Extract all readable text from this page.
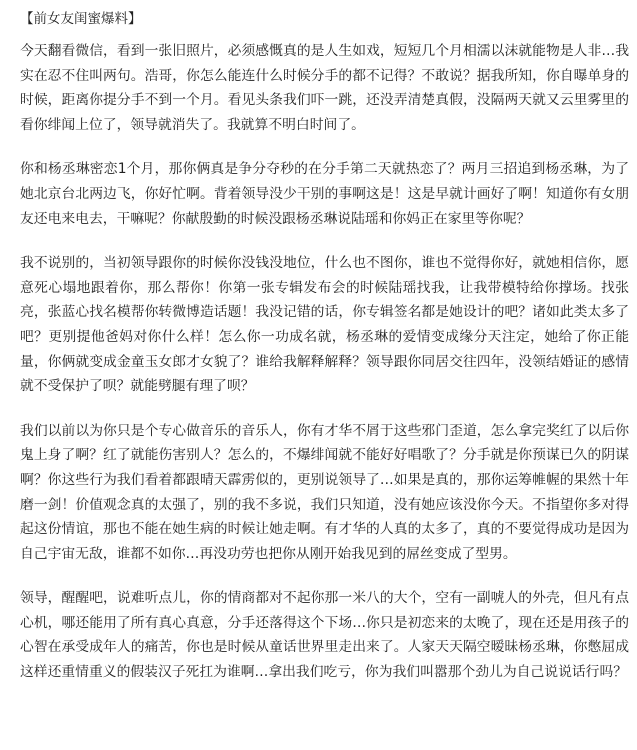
【前女友闺蜜爆料】

今天翻看微信，看到一张旧照片，必须感慨真的是人生如戏，短短几个月相濡以沫就能物是人非…我实在忍不住叫两句。浩哥，你怎么能连什么时候分手的都不记得？不敢说？据我所知，你自曝单身的时候，距离你提分手不到一个月。看见头条我们吓一跳，还没弄清楚真假，没隔两天就又云里雾里的看你绯闻上位了，领导就消失了。我就算不明白时间了。

你和杨丞琳密恋1个月，那你俩真是争分夺秒的在分手第二天就热恋了？两月三招追到杨丞琳，为了她北京台北两边飞，你好忙啊。背着领导没少干别的事啊这是！这是早就计画好了啊！知道你有女朋友还电来电去，干嘛呢？你献殷勤的时候没跟杨丞琳说陆瑶和你妈正在家里等你呢？

我不说别的，当初领导跟你的时候你没钱没地位，什么也不图你，谁也不觉得你好，就她相信你，愿意死心塌地跟着你，那么帮你！你第一张专辑发布会的时候陆瑶找我，让我带模特给你撑场。找张亮，张蓝心找名模帮你转微博造话题！我没记错的话，你专辑签名都是她设计的吧？诸如此类太多了吧？更别提他爸妈对你什么样！怎么你一功成名就，杨丞琳的爱情变成缘分天注定，她给了你正能量，你俩就变成金童玉女郎才女貌了？谁给我解释解释？领导跟你同居交往四年，没领结婚证的感情就不受保护了呗？就能劈腿有理了呗？

我们以前以为你只是个专心做音乐的音乐人，你有才华不屑于这些邪门歪道，怎么拿完奖红了以后你鬼上身了啊？红了就能伤害别人？怎么的，不爆绯闻就不能好好唱歌了？分手就是你预谋已久的阴谋啊？你这些行为我们看着都跟晴天霹雳似的，更别说领导了…如果是真的，那你运筹帷幄的果然十年磨一剑！价值观念真的太强了，别的我不多说，我们只知道，没有她应该没你今天。不指望你多对得起这份情谊，那也不能在她生病的时候让她走啊。有才华的人真的太多了，真的不要觉得成功是因为自己宇宙无敌，谁都不如你…再没功劳也把你从刚开始我见到的屌丝变成了型男。

领导，醒醒吧，说难听点儿，你的情商都对不起你那一米八的大个，空有一副唬人的外壳，但凡有点心机，哪还能用了所有真心真意，分手还落得这个下场…你只是初恋来的太晚了，现在还是用孩子的心智在承受成年人的痛苦，你也是时候从童话世界里走出来了。人家天天隔空暧昧杨丞琳，你憋屈成这样还重情重义的假装汉子死扛为谁啊…拿出我们吃亏，你为我们叫嚣那个劲儿为自己说说话行吗？
